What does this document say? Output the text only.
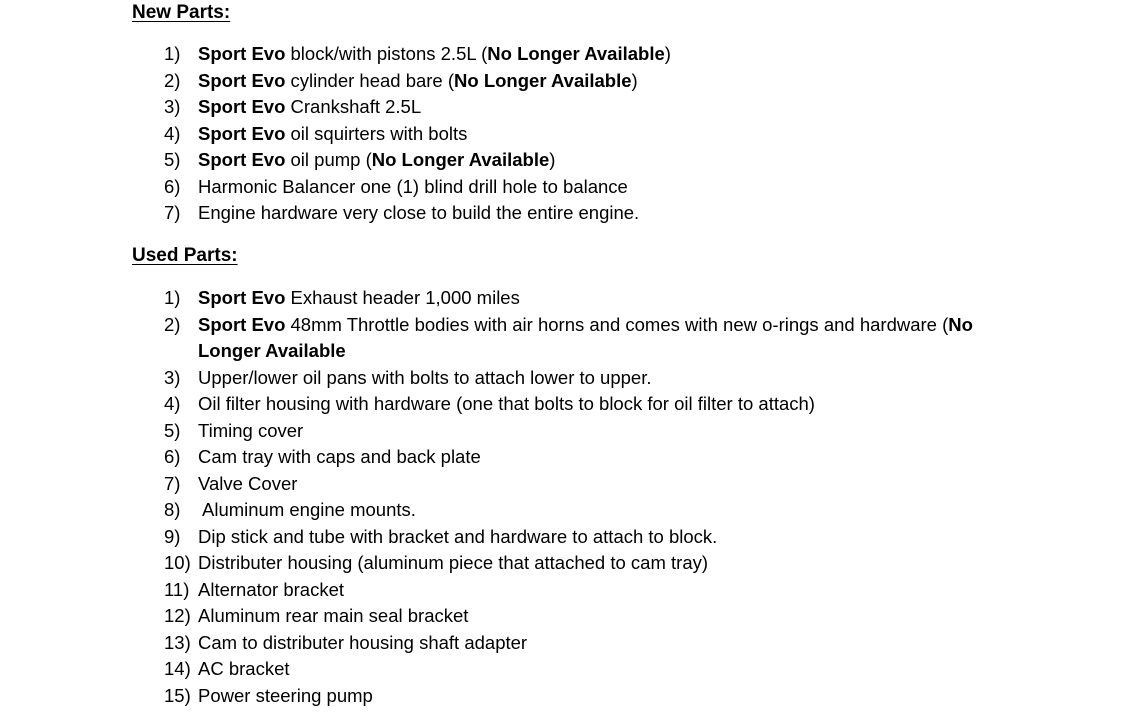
New Parts:
1) Sport Evo block/with pistons 2.5L (No Longer Available)
2) Sport Evo cylinder head bare (No Longer Available)
3) Sport Evo Crankshaft 2.5L
4) Sport Evo oil squirters with bolts
5) Sport Evo oil pump (No Longer Available)
6) Harmonic Balancer one (1) blind drill hole to balance
7) Engine hardware very close to build the entire engine.
Used Parts:
1) Sport Evo Exhaust header 1,000 miles
2) Sport Evo 48mm Throttle bodies with air horns and comes with new o-rings and hardware (No Longer Available
3) Upper/lower oil pans with bolts to attach lower to upper.
4) Oil filter housing with hardware (one that bolts to block for oil filter to attach)
5) Timing cover
6) Cam tray with caps and back plate
7) Valve Cover
8)	Aluminum engine mounts.
9) Dip stick and tube with bracket and hardware to attach to block.
10) Distributer housing (aluminum piece that attached to cam tray)
11) Alternator bracket
12) Aluminum rear main seal bracket
13) Cam to distributer housing shaft adapter
14) AC bracket
15) Power steering pump
